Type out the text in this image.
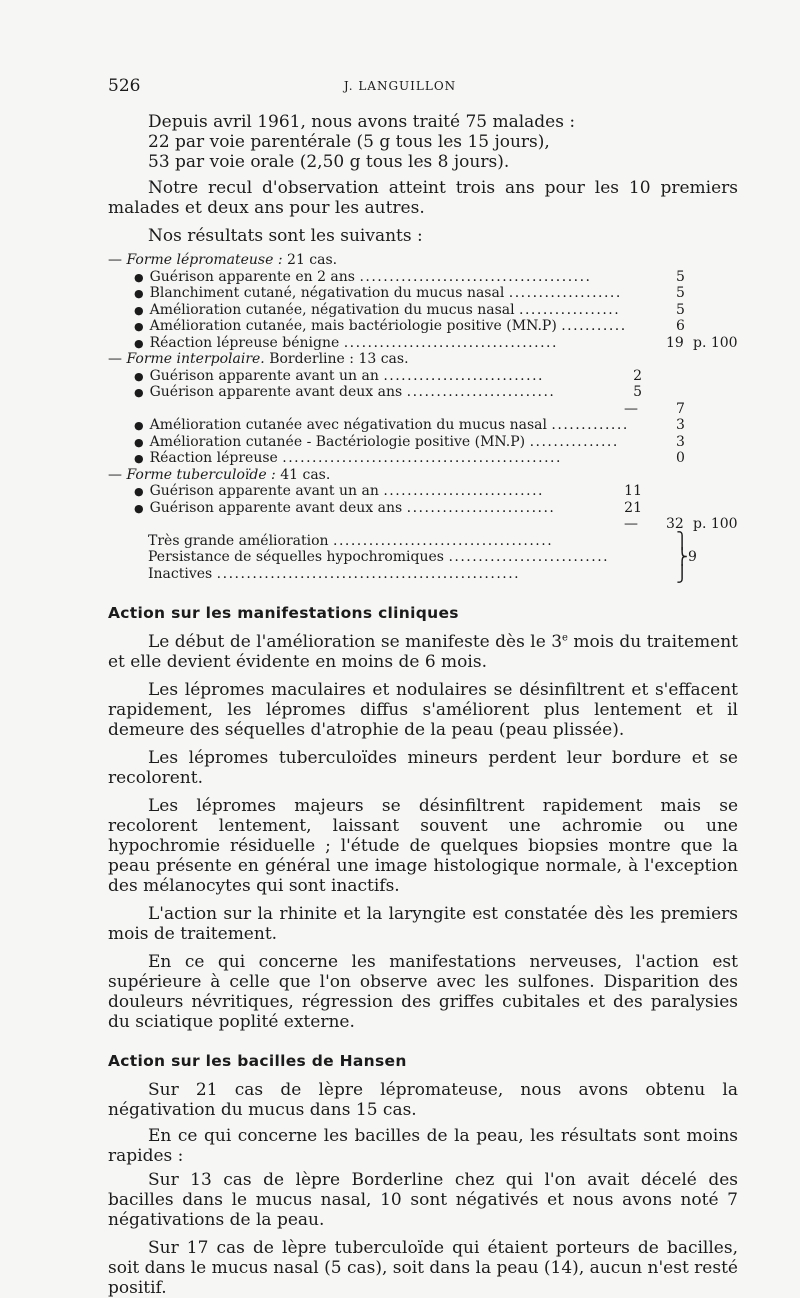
526	J. LANGUILLON

Depuis avril 1961, nous avons traité 75 malades :

22 par voie parentérale (5 g tous les 15 jours),

53 par voie orale (2,50 g tous les 8 jours).

Notre recul d'observation atteint trois ans pour les 10 premiers malades et deux ans pour les autres.

Nos résultats sont les suivants :

— Forme lépromateuse : 21 cas.
● Guérison apparente en 2 ans .......................................	5
● Blanchiment cutané, négativation du mucus nasal ...................	5
● Amélioration cutanée, négativation du mucus nasal .................	5
● Amélioration cutanée, mais bactériologie positive (MN.P) ...........	6
● Réaction lépreuse bénigne ....................................	19 p. 100
— Forme interpolaire. Borderline : 13 cas.
● Guérison apparente avant un an ...........................	2
● Guérison apparente avant deux ans .........................	5
—	7
● Amélioration cutanée avec négativation du mucus nasal .............	3
● Amélioration cutanée - Bactériologie positive (MN.P) ...............	3
● Réaction lépreuse ...............................................	0
— Forme tuberculoïde : 41 cas.
● Guérison apparente avant un an ...........................	11
● Guérison apparente avant deux ans .........................	21
— 32 p. 100
Très grande amélioration .....................................	⎫
Persistance de séquelles hypochromiques ...........................	⎬ 9
Inactives ...................................................	⎭
Action sur les manifestations cliniques

Le début de l'amélioration se manifeste dès le 3e mois du traitement et elle devient évidente en moins de 6 mois.

Les lépromes maculaires et nodulaires se désinfiltrent et s'effacent rapidement, les lépromes diffus s'améliorent plus lentement et il demeure des séquelles d'atrophie de la peau (peau plissée).

Les lépromes tuberculoïdes mineurs perdent leur bordure et se recolorent.

Les lépromes majeurs se désinfiltrent rapidement mais se recolorent lentement, laissant souvent une achromie ou une hypochromie résiduelle ; l'étude de quelques biopsies montre que la peau présente en général une image histologique normale, à l'exception des mélanocytes qui sont inactifs.

L'action sur la rhinite et la laryngite est constatée dès les premiers mois de traitement.

En ce qui concerne les manifestations nerveuses, l'action est supérieure à celle que l'on observe avec les sulfones. Disparition des douleurs névritiques, régression des griffes cubitales et des paralysies du sciatique poplité externe.

Action sur les bacilles de Hansen

Sur 21 cas de lèpre lépromateuse, nous avons obtenu la négativation du mucus dans 15 cas.

En ce qui concerne les bacilles de la peau, les résultats sont moins rapides :

Sur 13 cas de lèpre Borderline chez qui l'on avait décelé des bacilles dans le mucus nasal, 10 sont négativés et nous avons noté 7 négativations de la peau.

Sur 17 cas de lèpre tuberculoïde qui étaient porteurs de bacilles, soit dans le mucus nasal (5 cas), soit dans la peau (14), aucun n'est resté positif.
